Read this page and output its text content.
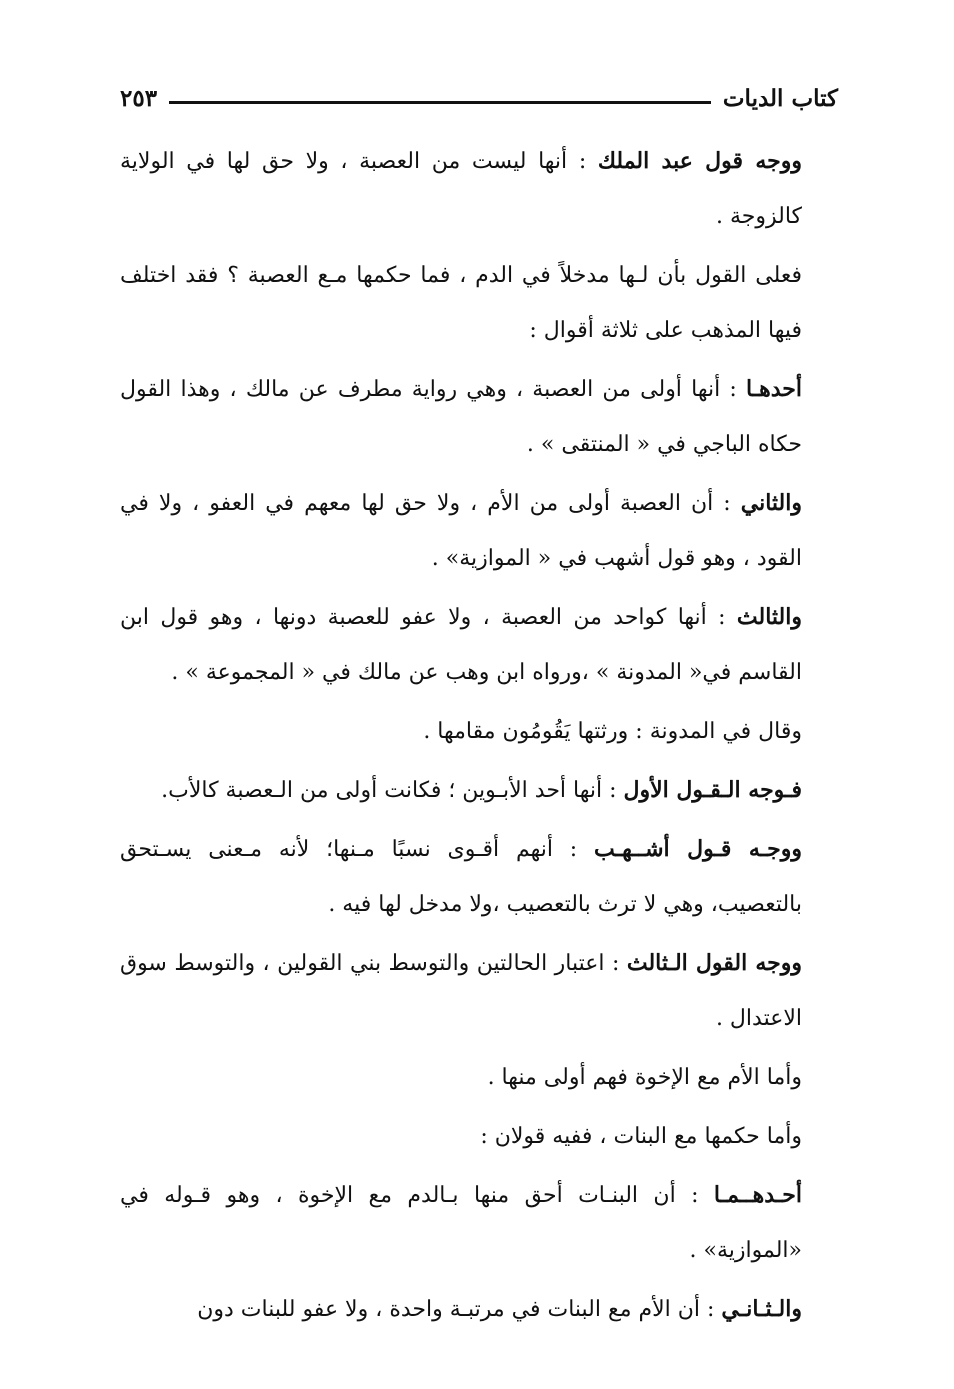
كتاب الديات
٢٥٣

ووجه قول عبد الملك : أنها ليست من العصبة ، ولا حق لها في الولاية كالزوجة .

فعلى القول بأن لـها مدخلاً في الدم ، فما حكمها مـع العصبة ؟ فقد اختلف فيها المذهب على ثلاثة أقوال :

أحدهـا : أنها أولى من العصبة ، وهي رواية مطرف عن مالك ، وهذا القول حكاه الباجي في « المنتقى » .

والثاني : أن العصبة أولى من الأم ، ولا حق لها معهم في العفو ، ولا في القود ، وهو قول أشهب في « الموازية» .

والثالث : أنها كواحد من العصبة ، ولا عفو للعصبة دونها ، وهو قول ابن القاسم في« المدونة » ،ورواه ابن وهب عن مالك في « المجموعة » .

وقال في المدونة : ورثتها يَقُومُون مقامها .

فـوجه الـقـول الأول : أنها أحد الأبـوين ؛ فكانت أولى من الـعصبة كالأب.

ووجـه قـول أشــهـب : أنهم أقـوى نسبًا مـنها؛ لأنه مـعنى يسـتحق بالتعصيب، وهي لا ترث بالتعصيب ،ولا مدخل لها فيه .

ووجه القول الـثالث : اعتبار الحالتين والتوسط بني القولين ، والتوسط سوق الاعتدال .

وأما الأم مع الإخوة فهم أولى منها .

وأما حكمها مع البنات ، ففيه قولان :

أحـدهــمـا : أن البنـات أحق منها بـالدم مع الإخوة ، وهو قـوله في «الموازية» .

والـثـانـي : أن الأم مع البنات في مرتبـة واحدة ، ولا عفو للبنات دون
